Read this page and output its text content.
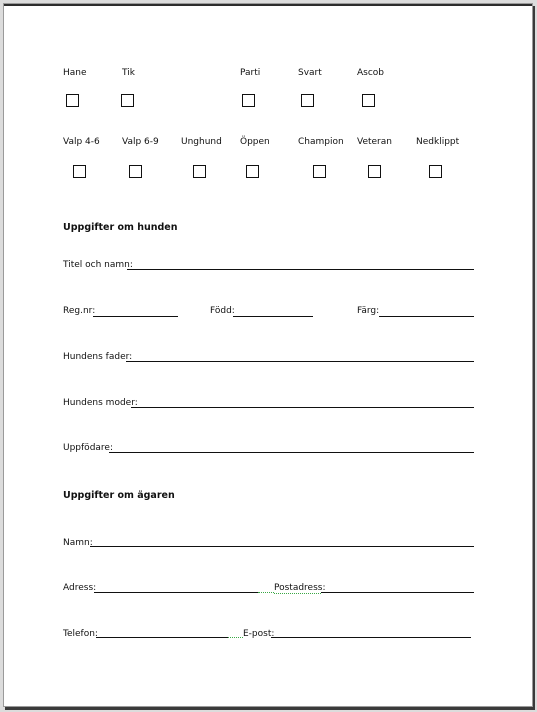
Hane	Tik	Parti	Svart	Ascob
Valp 4-6 Valp 6-9 Unghund Öppen	Champion Veteran	Nedklippt
Uppgifter om hunden
Titel och namn:
Reg.nr:	Född:	Färg:
Hundens fader:
Hundens moder:
Uppfödare:
Uppgifter om ägaren
Namn:
Adress:	Postadress:
Telefon:	E-post:
